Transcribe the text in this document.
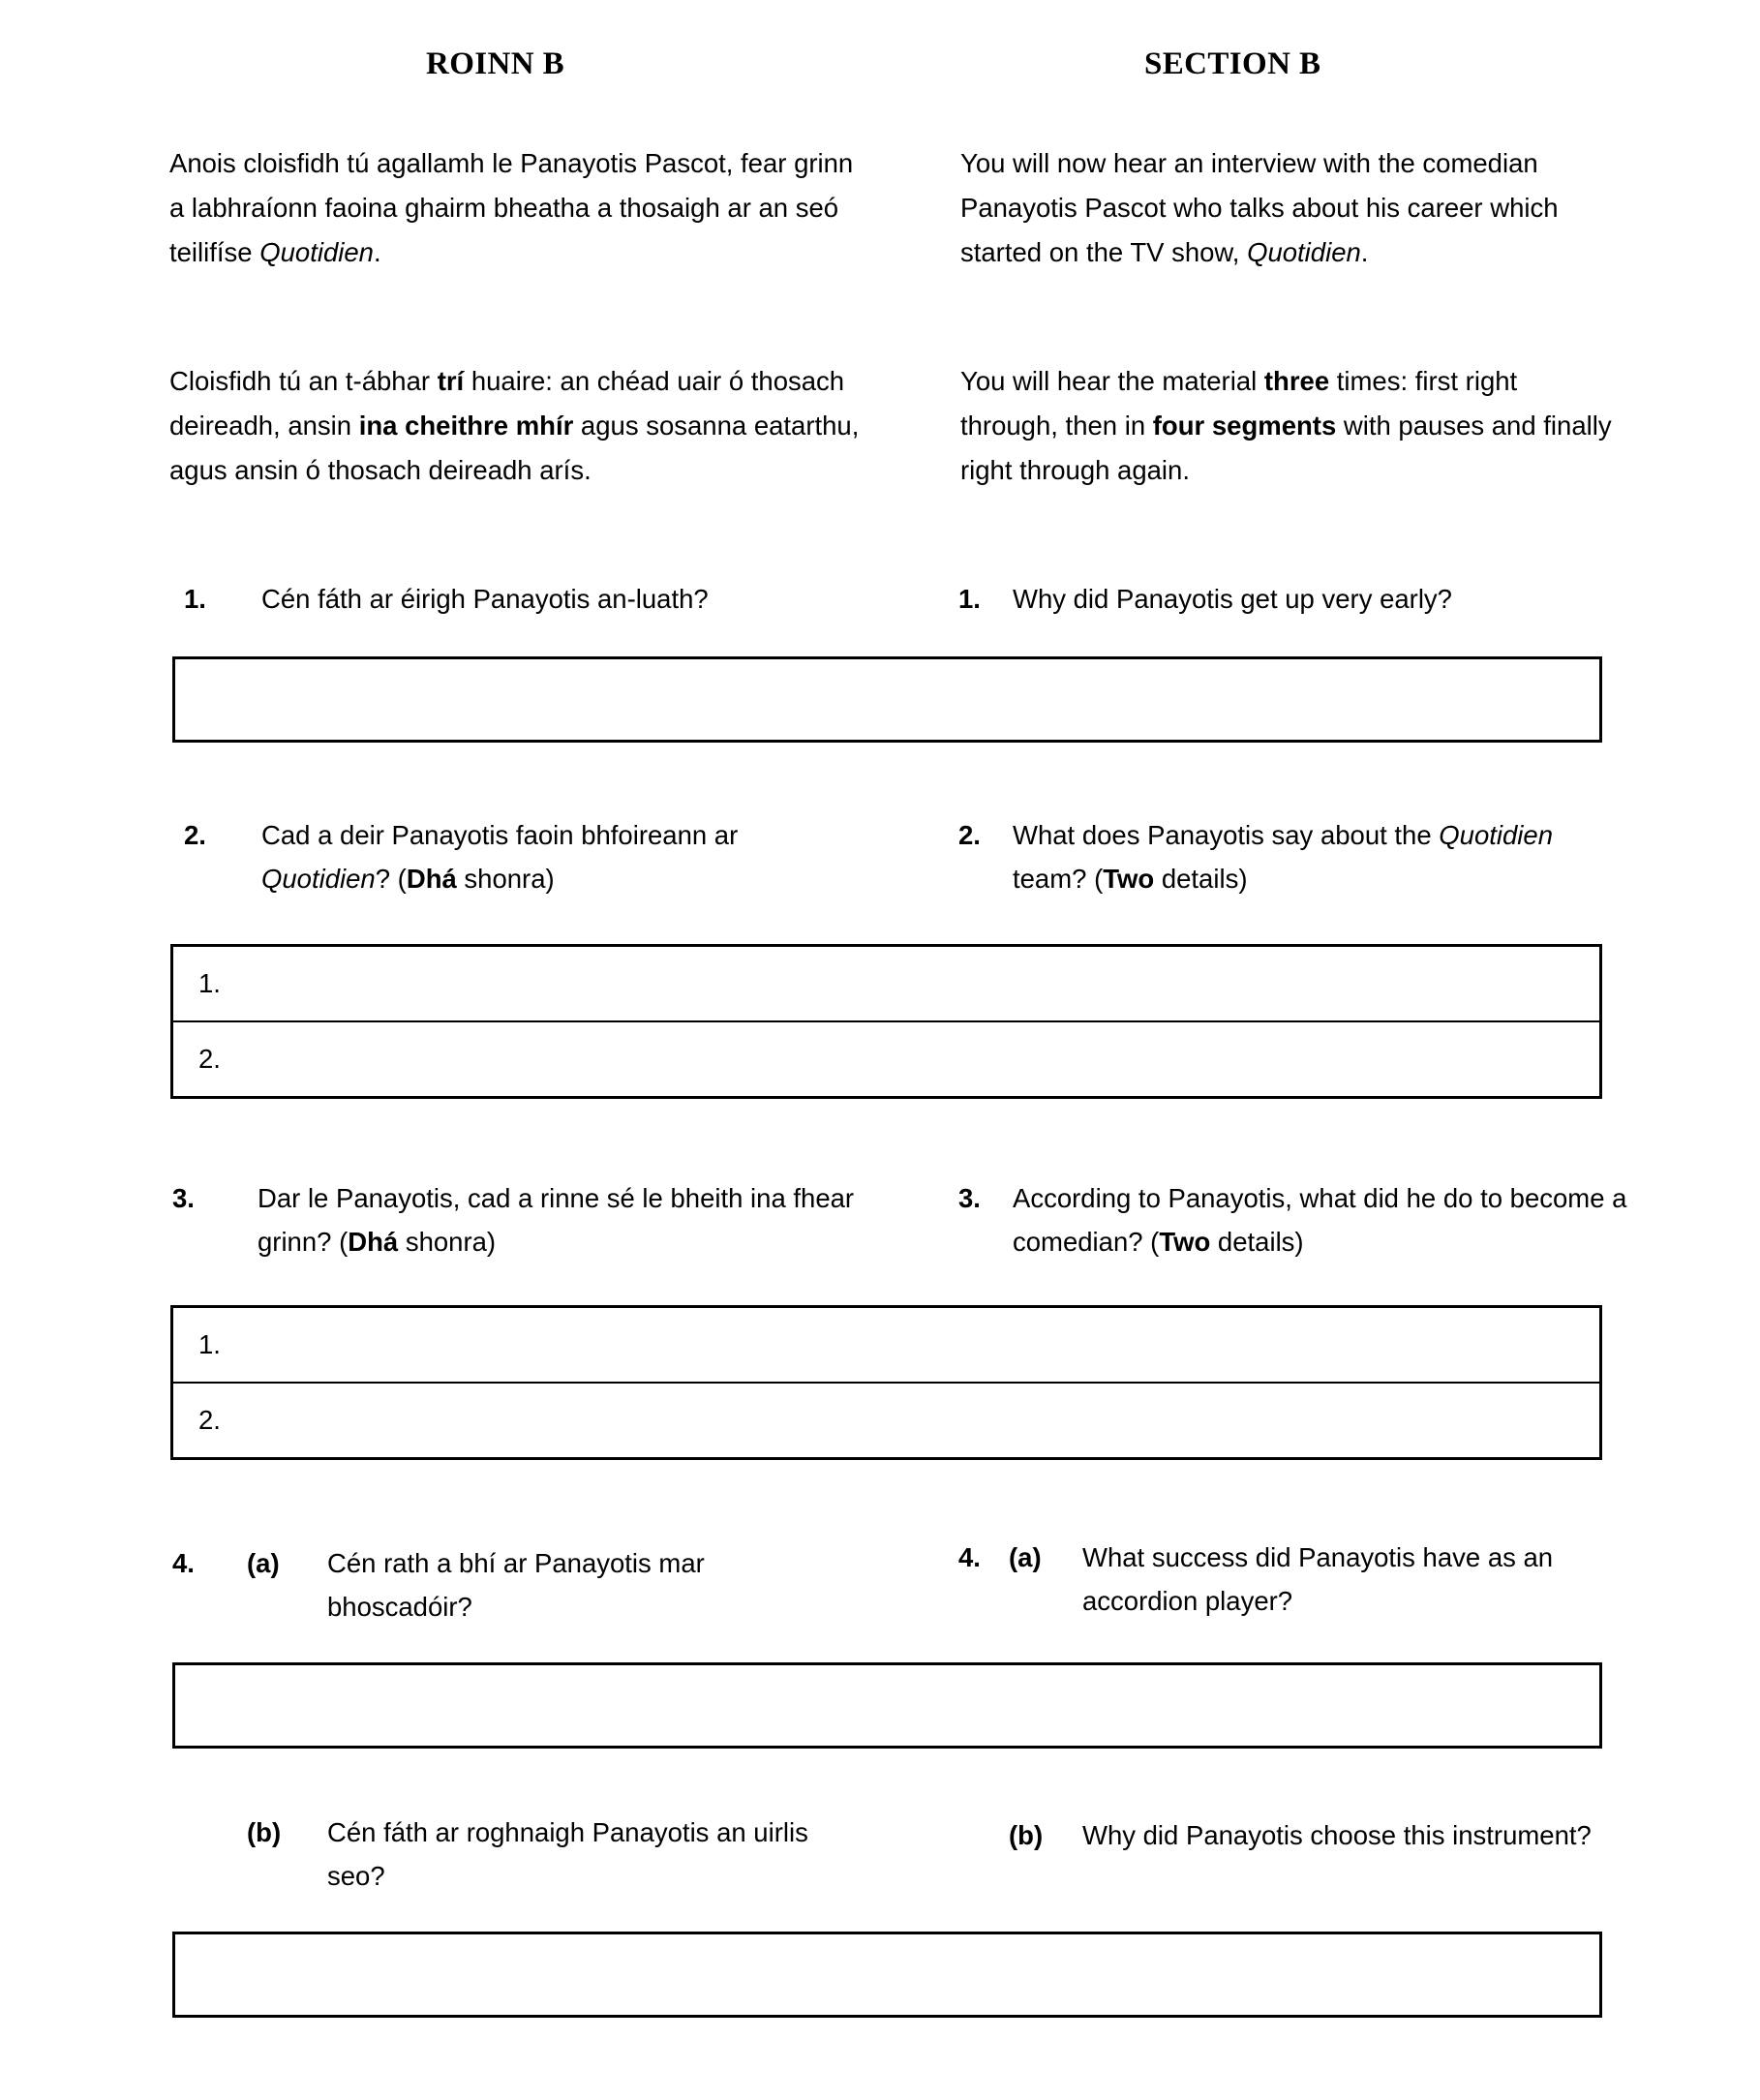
ROINN B	SECTION B

Anois cloisfidh tú agallamh le Panayotis Pascot, fear grinn a labhraíonn faoina ghairm bheatha a thosaigh ar an seó teilifíse Quotidien.

You will now hear an interview with the comedian Panayotis Pascot who talks about his career which started on the TV show, Quotidien.

Cloisfidh tú an t-ábhar trí huaire: an chéad uair ó thosach deireadh, ansin ina cheithre mhír agus sosanna eatarthu, agus ansin ó thosach deireadh arís.

You will hear the material three times: first right through, then in four segments with pauses and finally right through again.

1. Cén fáth ar éirigh Panayotis an-luath?	1. Why did Panayotis get up very early?
2. Cad a deir Panayotis faoin bhfoireann ar Quotidien? (Dhá shonra)
2. What does Panayotis say about the Quotidien team? (Two details)
1.
2.
3. Dar le Panayotis, cad a rinne sé le bheith ina fhear grinn? (Dhá shonra)
3. According to Panayotis, what did he do to become a comedian? (Two details)
1.
2.
4. (a) Cén rath a bhí ar Panayotis mar bhoscadóir?
4. (a) What success did Panayotis have as an accordion player?
(b) Cén fáth ar roghnaigh Panayotis an uirlis seo?
(b) Why did Panayotis choose this instrument?
